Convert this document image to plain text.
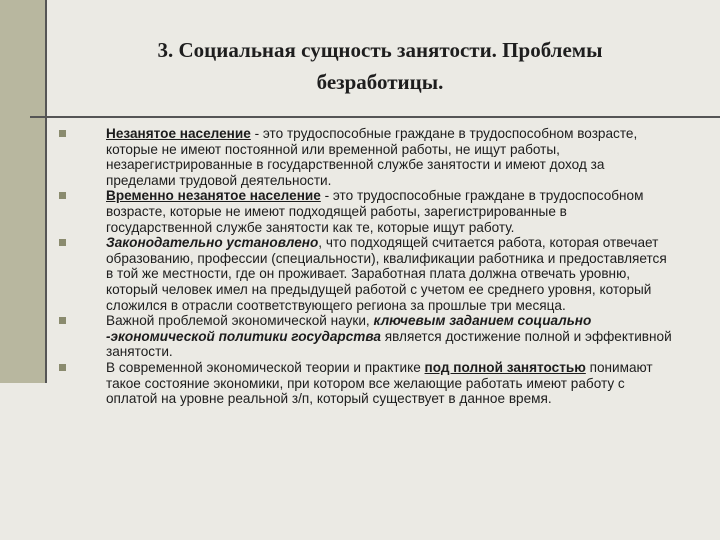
3. Социальная сущность занятости. Проблемы
безработицы.
Незанятое население - это трудоспособные граждане в трудоспособном возрасте, которые не имеют постоянной или временной работы, не ищут работы, незарегистрированные в государственной службе занятости и имеют доход за пределами трудовой деятельности.
Временно незанятое население - это трудоспособные граждане в трудоспособном возрасте, которые не имеют подходящей работы, зарегистрированные в государственной службе занятости как те, которые ищут работу.
Законодательно установлено, что подходящей считается работа, которая отвечает образованию, профессии (специальности), квалификации работника и предоставляется в той же местности, где он проживает. Заработная плата должна отвечать уровню, который человек имел на предыдущей работой с учетом ее среднего уровня, который сложился в отрасли соответствующего региона за прошлые три месяца.
Важной проблемой экономической науки, ключевым заданием социально -экономической политики государства является достижение полной и эффективной занятости.
В современной экономической теории и практике под полной занятостью понимают такое состояние экономики, при котором все желающие работать имеют работу с оплатой на уровне реальной з/п, который существует в данное время.
